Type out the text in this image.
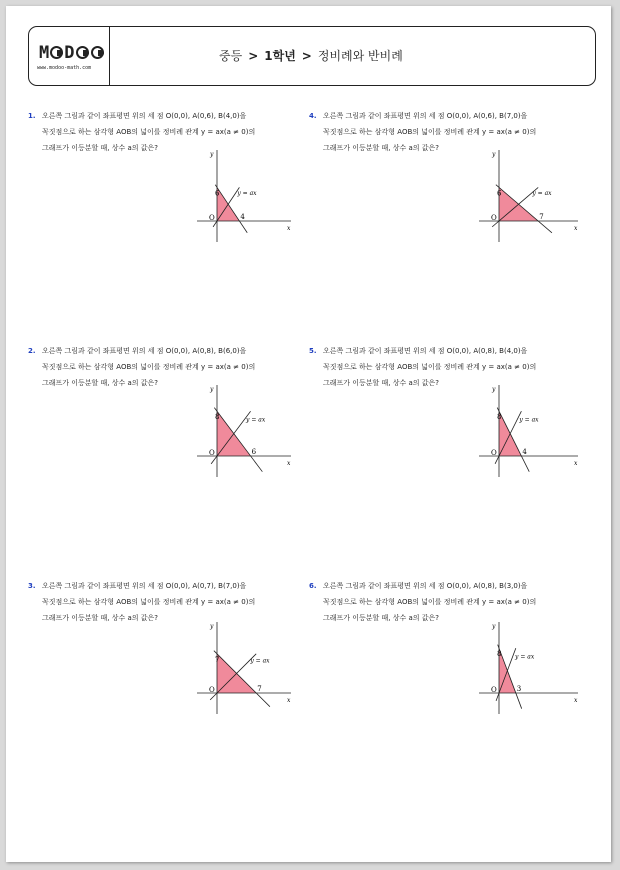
M D
www.modoo-math.com
중등 > 1학년 > 정비례와 반비례
1. 오른쪽 그림과 같이 좌표평면 위의 세 점 O(0,0), A(0,6), B(4,0)을
꼭짓점으로 하는 삼각형 AOB의 넓이를 정비례 관계 y = ax(a ≠ 0)의
그래프가 이등분할 때, 상수 a의 값은?
6
4
O
x
y
y = ax
4. 오른쪽 그림과 같이 좌표평면 위의 세 점 O(0,0), A(0,6), B(7,0)을
꼭짓점으로 하는 삼각형 AOB의 넓이를 정비례 관계 y = ax(a ≠ 0)의
그래프가 이등분할 때, 상수 a의 값은?
6
7
O
x
y
y = ax
2. 오른쪽 그림과 같이 좌표평면 위의 세 점 O(0,0), A(0,8), B(6,0)을
꼭짓점으로 하는 삼각형 AOB의 넓이를 정비례 관계 y = ax(a ≠ 0)의
그래프가 이등분할 때, 상수 a의 값은?
8
6
O
x
y
y = ax
5. 오른쪽 그림과 같이 좌표평면 위의 세 점 O(0,0), A(0,8), B(4,0)을
꼭짓점으로 하는 삼각형 AOB의 넓이를 정비례 관계 y = ax(a ≠ 0)의
그래프가 이등분할 때, 상수 a의 값은?
8
4
O
x
y
y = ax
3. 오른쪽 그림과 같이 좌표평면 위의 세 점 O(0,0), A(0,7), B(7,0)을
꼭짓점으로 하는 삼각형 AOB의 넓이를 정비례 관계 y = ax(a ≠ 0)의
그래프가 이등분할 때, 상수 a의 값은?
7
7
O
x
y
y = ax
6. 오른쪽 그림과 같이 좌표평면 위의 세 점 O(0,0), A(0,8), B(3,0)을
꼭짓점으로 하는 삼각형 AOB의 넓이를 정비례 관계 y = ax(a ≠ 0)의
그래프가 이등분할 때, 상수 a의 값은?
8
3
O
x
y
y = ax
